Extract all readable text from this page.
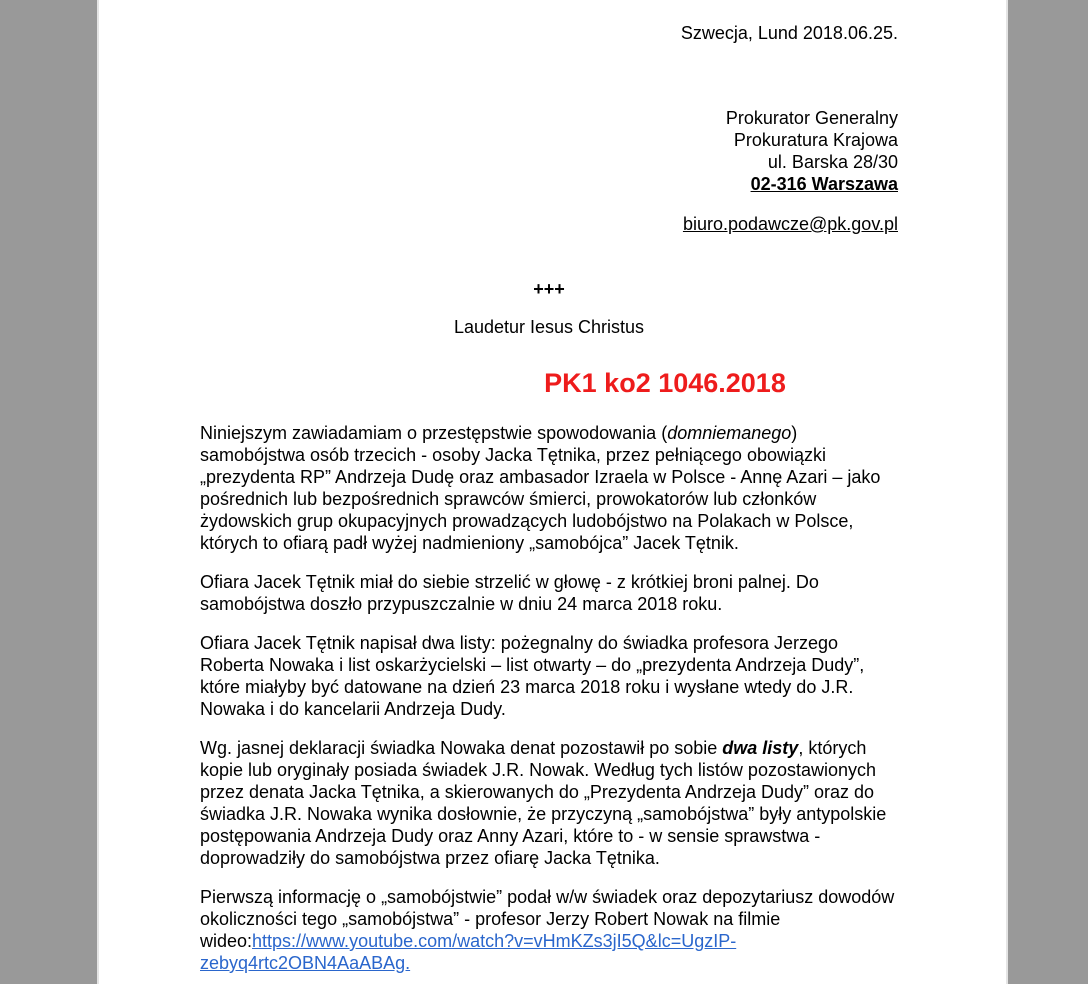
Szwecja, Lund 2018.06.25.
Prokurator Generalny
Prokuratura Krajowa
ul. Barska 28/30
02-316 Warszawa
biuro.podawcze@pk.gov.pl
+++
Laudetur Iesus Christus
PK1 ko2 1046.2018

Niniejszym zawiadamiam o przestępstwie spowodowania (domniemanego) samobójstwa osób trzecich - osoby Jacka Tętnika, przez pełniącego obowiązki „prezydenta RP” Andrzeja Dudę oraz ambasador Izraela w Polsce - Annę Azari – jako pośrednich lub bezpośrednich sprawców śmierci, prowokatorów lub członków żydowskich grup okupacyjnych prowadzących ludobójstwo na Polakach w Polsce, których to ofiarą padł wyżej nadmieniony „samobójca” Jacek Tętnik.

Ofiara Jacek Tętnik miał do siebie strzelić w głowę - z krótkiej broni palnej. Do samobójstwa doszło przypuszczalnie w dniu 24 marca 2018 roku.

Ofiara Jacek Tętnik napisał dwa listy: pożegnalny do świadka profesora Jerzego Roberta Nowaka i list oskarżycielski – list otwarty – do „prezydenta Andrzeja Dudy”, które miałyby być datowane na dzień 23 marca 2018 roku i wysłane wtedy do J.R. Nowaka i do kancelarii Andrzeja Dudy.

Wg. jasnej deklaracji świadka Nowaka denat pozostawił po sobie dwa listy, których kopie lub oryginały posiada świadek J.R. Nowak. Według tych listów pozostawionych przez denata Jacka Tętnika, a skierowanych do „Prezydenta Andrzeja Dudy” oraz do świadka J.R. Nowaka wynika dosłownie, że przyczyną „samobójstwa” były antypolskie postępowania Andrzeja Dudy oraz Anny Azari, które to - w sensie sprawstwa - doprowadziły do samobójstwa przez ofiarę Jacka Tętnika.

Pierwszą informację o „samobójstwie” podał w/w świadek oraz depozytariusz dowodów okoliczności tego „samobójstwa” - profesor Jerzy Robert Nowak na filmie wideo:https://www.youtube.com/watch?v=vHmKZs3jI5Q&lc=UgzIP-
zebyq4rtc2OBN4AaABAg.
